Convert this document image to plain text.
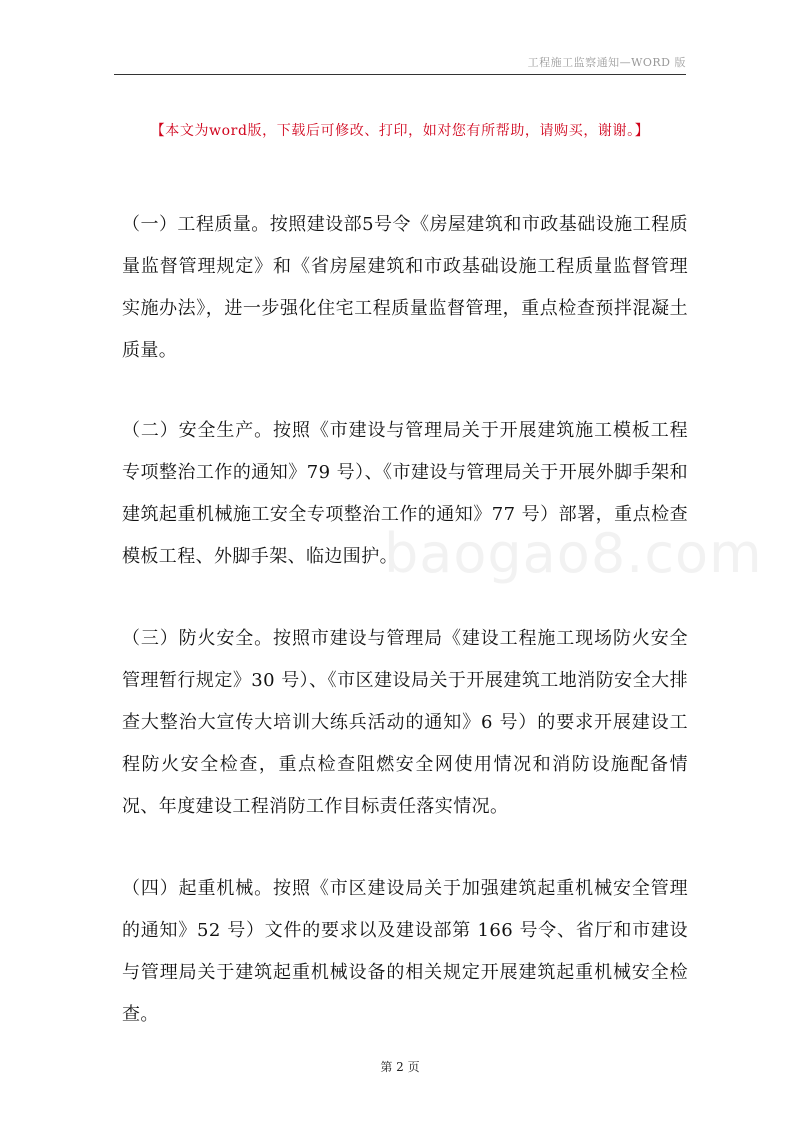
工程施工监察通知—WORD 版
【本文为word版，下载后可修改、打印，如对您有所帮助，请购买，谢谢。】

（一）工程质量。按照建设部5号令《房屋建筑和市政基础设施工程质量监督管理规定》和《省房屋建筑和市政基础设施工程质量监督管理实施办法》，进一步强化住宅工程质量监督管理，重点检查预拌混凝土质量。

（二）安全生产。按照《市建设与管理局关于开展建筑施工模板工程专项整治工作的通知》79 号）、《市建设与管理局关于开展外脚手架和建筑起重机械施工安全专项整治工作的通知》77 号）部署，重点检查模板工程、外脚手架、临边围护。

（三）防火安全。按照市建设与管理局《建设工程施工现场防火安全管理暂行规定》30 号）、《市区建设局关于开展建筑工地消防安全大排查大整治大宣传大培训大练兵活动的通知》6 号）的要求开展建设工程防火安全检查，重点检查阻燃安全网使用情况和消防设施配备情况、年度建设工程消防工作目标责任落实情况。

（四）起重机械。按照《市区建设局关于加强建筑起重机械安全管理的通知》52 号）文件的要求以及建设部第 166 号令、省厅和市建设与管理局关于建筑起重机械设备的相关规定开展建筑起重机械安全检查。

baogao8.com
第 2 页
